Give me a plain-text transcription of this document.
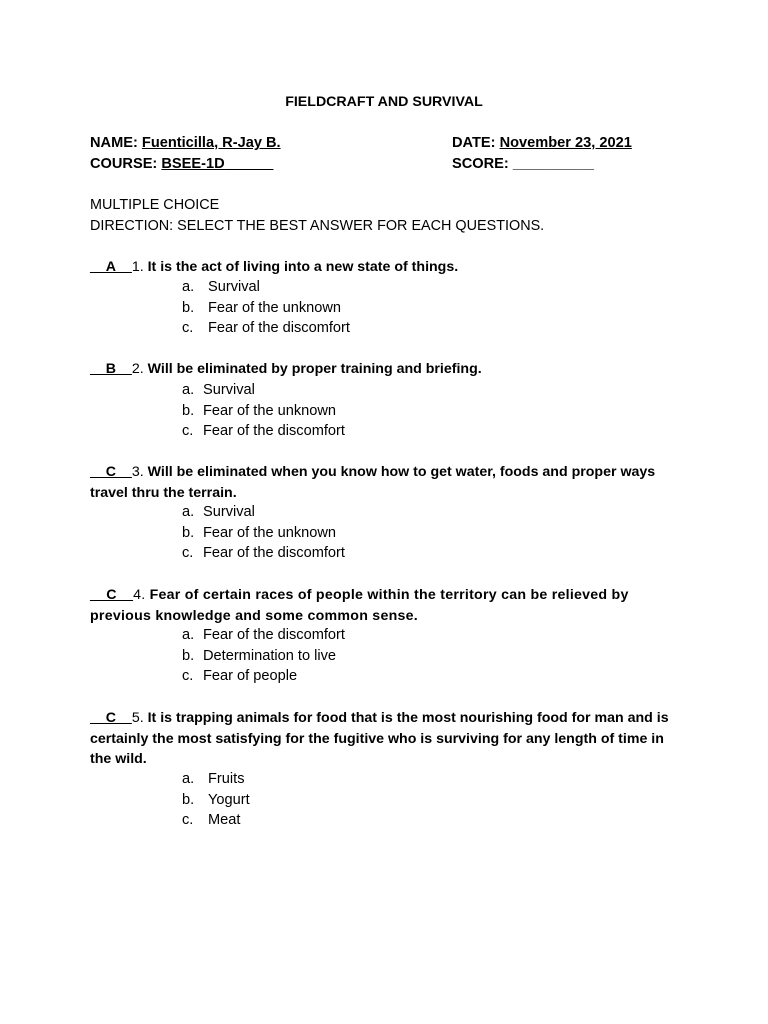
FIELDCRAFT AND SURVIVAL
NAME: Fuenticilla, R-Jay B.	DATE: November 23, 2021
COURSE: BSEE-1D______	SCORE: __________
MULTIPLE CHOICE
DIRECTION: SELECT THE BEST ANSWER FOR EACH QUESTIONS.
__A__1. It is the act of living into a new state of things.
a. Survival
b. Fear of the unknown
c. Fear of the discomfort
__B__2. Will be eliminated by proper training and briefing.
a. Survival
b. Fear of the unknown
c. Fear of the discomfort
__C__3. Will be eliminated when you know how to get water, foods and proper ways travel thru the terrain.
a. Survival
b. Fear of the unknown
c. Fear of the discomfort
__C__4. Fear of certain races of people within the territory can be relieved by previous knowledge and some common sense.
a. Fear of the discomfort
b. Determination to live
c. Fear of people
__C__5. It is trapping animals for food that is the most nourishing food for man and is certainly the most satisfying for the fugitive who is surviving for any length of time in the wild.
a. Fruits
b. Yogurt
c. Meat
